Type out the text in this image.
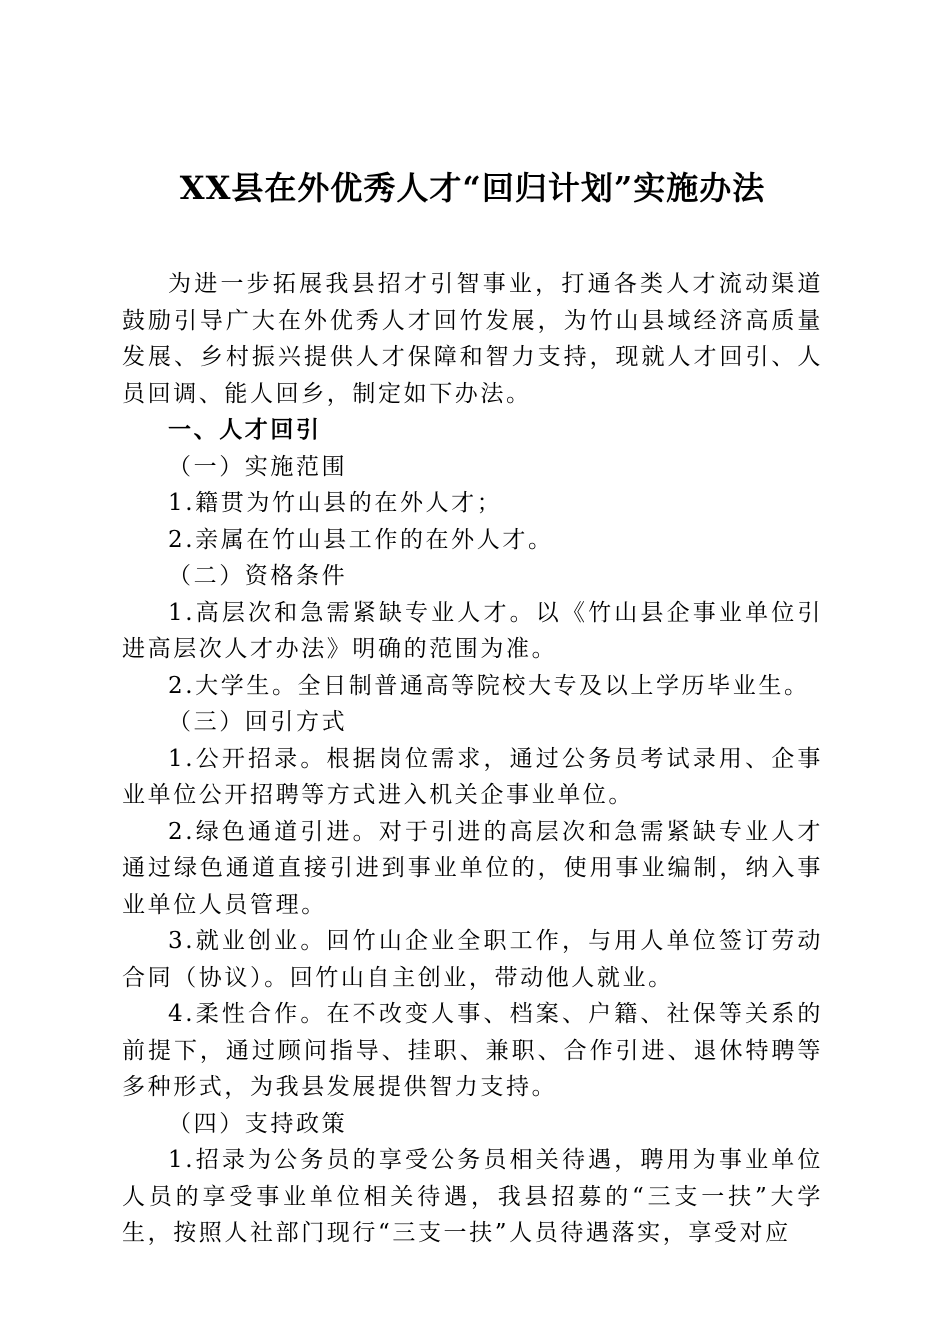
XX县在外优秀人才“回归计划”实施办法

为进一步拓展我县招才引智事业，打通各类人才流动渠道鼓励引导广大在外优秀人才回竹发展，为竹山县域经济高质量发展、乡村振兴提供人才保障和智力支持，现就人才回引、人员回调、能人回乡，制定如下办法。

一、人才回引

（一）实施范围

1.籍贯为竹山县的在外人才；

2.亲属在竹山县工作的在外人才。

（二）资格条件

1.高层次和急需紧缺专业人才。以《竹山县企事业单位引进高层次人才办法》明确的范围为准。

2.大学生。全日制普通高等院校大专及以上学历毕业生。

（三）回引方式

1.公开招录。根据岗位需求，通过公务员考试录用、企事业单位公开招聘等方式进入机关企事业单位。

2.绿色通道引进。对于引进的高层次和急需紧缺专业人才通过绿色通道直接引进到事业单位的，使用事业编制，纳入事业单位人员管理。

3.就业创业。回竹山企业全职工作，与用人单位签订劳动合同（协议）。回竹山自主创业，带动他人就业。

4.柔性合作。在不改变人事、档案、户籍、社保等关系的前提下，通过顾问指导、挂职、兼职、合作引进、退休特聘等多种形式，为我县发展提供智力支持。

（四）支持政策

1.招录为公务员的享受公务员相关待遇，聘用为事业单位人员的享受事业单位相关待遇，我县招募的“三支一扶”大学生，按照人社部门现行“三支一扶”人员待遇落实，享受对应
